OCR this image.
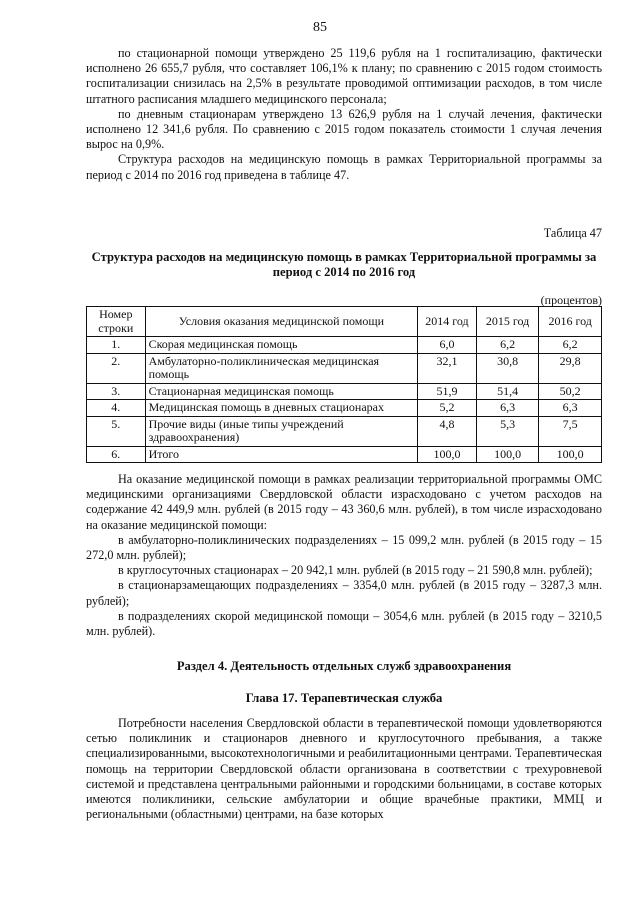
85

по стационарной помощи утверждено 25 119,6 рубля на 1 госпитализацию, фактически исполнено 26 655,7 рубля, что составляет 106,1% к плану; по сравнению с 2015 годом стоимость госпитализации снизилась на 2,5% в результате проводимой оптимизации расходов, в том числе штатного расписания младшего медицинского персонала;

по дневным стационарам утверждено 13 626,9 рубля на 1 случай лечения, фактически исполнено 12 341,6 рубля. По сравнению с 2015 годом показатель стоимости 1 случая лечения вырос на 0,9%.

Структура расходов на медицинскую помощь в рамках Территориальной программы за период с 2014 по 2016 год приведена в таблице 47.

Таблица 47
Структура расходов на медицинскую помощь в рамках Территориальной программы за период с 2014 по 2016 год
(процентов)
Номер строки	Условия оказания медицинской помощи	2014 год	2015 год	2016 год
1.	Скорая медицинская помощь	6,0	6,2	6,2
2.	Амбулаторно-поликлиническая медицинская помощь	32,1	30,8	29,8
3.	Стационарная медицинская помощь	51,9	51,4	50,2
4.	Медицинская помощь в дневных стационарах	5,2	6,3	6,3
5.	Прочие виды (иные типы учреждений здравоохранения)	4,8	5,3	7,5
6.	Итого	100,0	100,0	100,0

На оказание медицинской помощи в рамках реализации территориальной программы ОМС медицинскими организациями Свердловской области израсходовано с учетом расходов на содержание 42 449,9 млн. рублей (в 2015 году – 43 360,6 млн. рублей), в том числе израсходовано на оказание медицинской помощи:

в амбулаторно-поликлинических подразделениях – 15 099,2 млн. рублей (в 2015 году – 15 272,0 млн. рублей);

в круглосуточных стационарах – 20 942,1 млн. рублей (в 2015 году – 21 590,8 млн. рублей);

в стационарзамещающих подразделениях – 3354,0 млн. рублей (в 2015 году – 3287,3 млн. рублей);

в подразделениях скорой медицинской помощи – 3054,6 млн. рублей (в 2015 году – 3210,5 млн. рублей).

Раздел 4. Деятельность отдельных служб здравоохранения
Глава 17. Терапевтическая служба

Потребности населения Свердловской области в терапевтической помощи удовлетворяются сетью поликлиник и стационаров дневного и круглосуточного пребывания, а также специализированными, высокотехнологичными и реабилитационными центрами. Терапевтическая помощь на территории Свердловской области организована в соответствии с трехуровневой системой и представлена центральными районными и городскими больницами, в составе которых имеются поликлиники, сельские амбулатории и общие врачебные практики, ММЦ и региональными (областными) центрами, на базе которых
